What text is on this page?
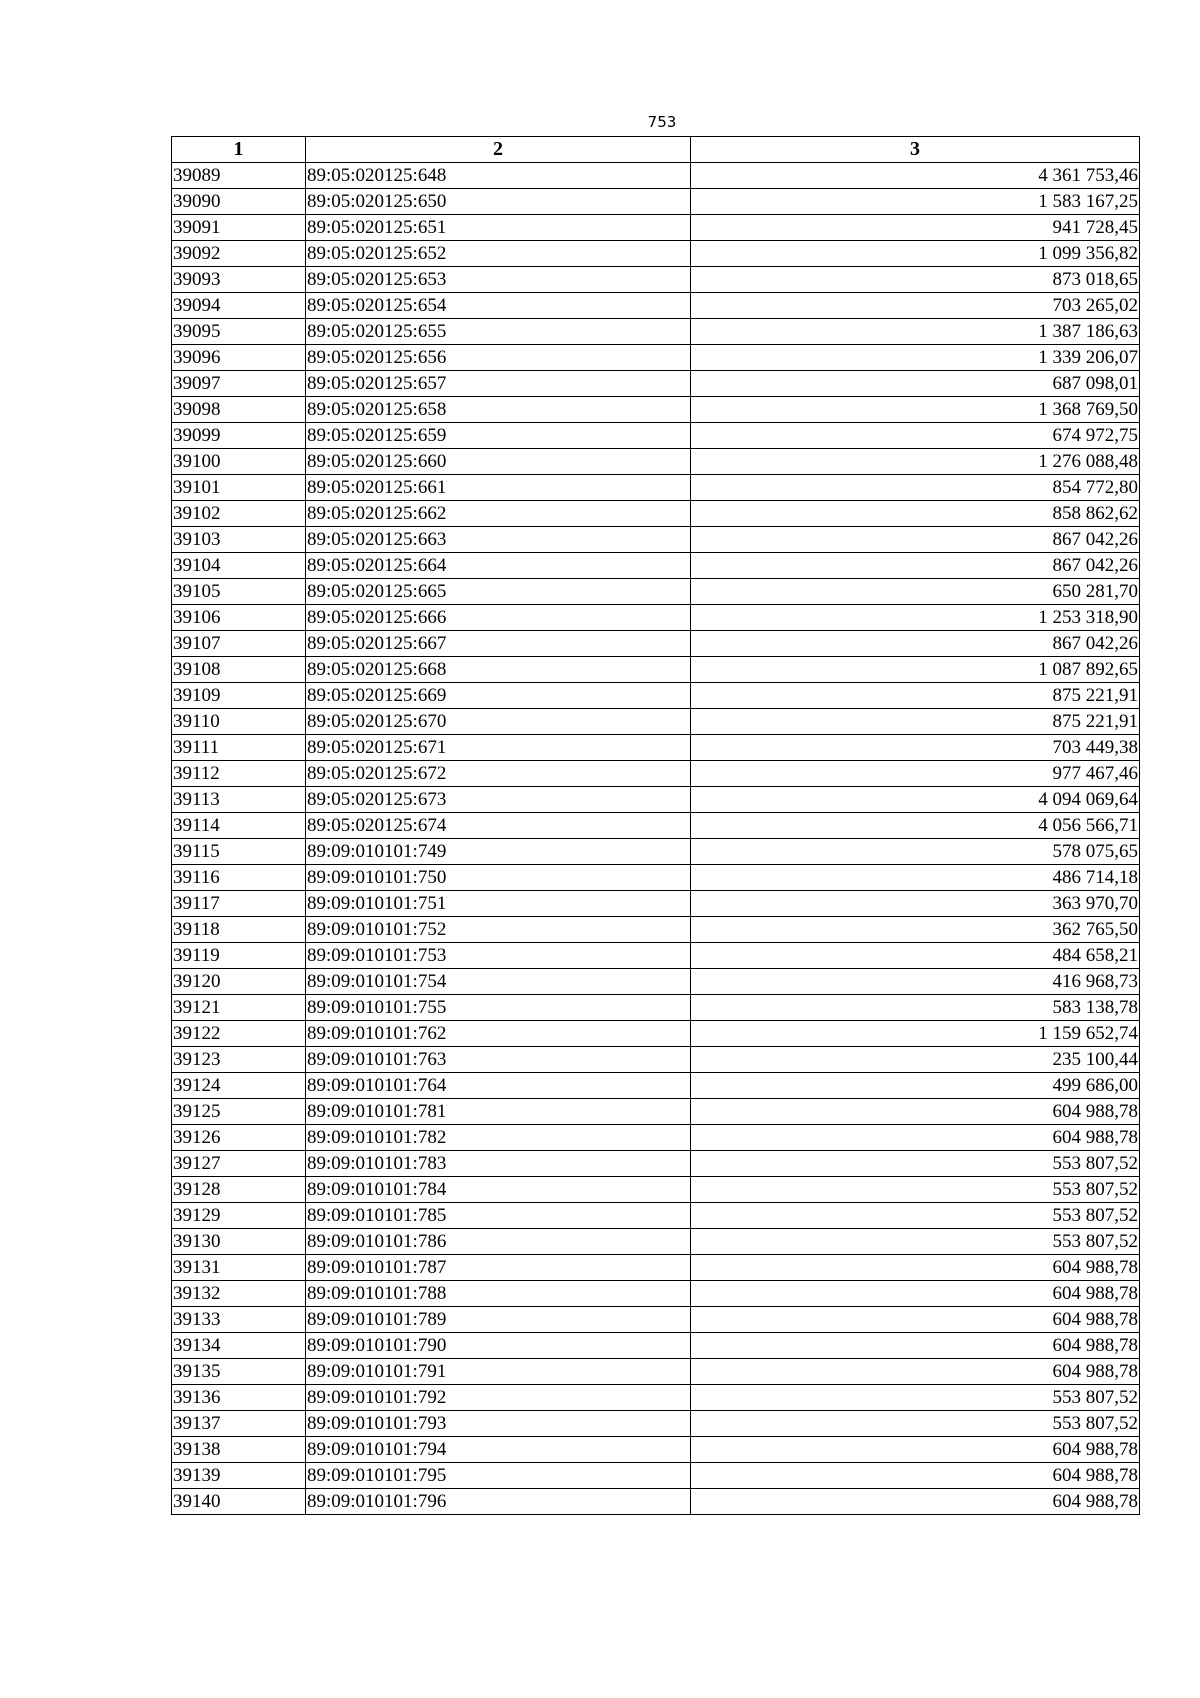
753
1	2	3
39089	89:05:020125:648	4 361 753,46
39090	89:05:020125:650	1 583 167,25
39091	89:05:020125:651	941 728,45
39092	89:05:020125:652	1 099 356,82
39093	89:05:020125:653	873 018,65
39094	89:05:020125:654	703 265,02
39095	89:05:020125:655	1 387 186,63
39096	89:05:020125:656	1 339 206,07
39097	89:05:020125:657	687 098,01
39098	89:05:020125:658	1 368 769,50
39099	89:05:020125:659	674 972,75
39100	89:05:020125:660	1 276 088,48
39101	89:05:020125:661	854 772,80
39102	89:05:020125:662	858 862,62
39103	89:05:020125:663	867 042,26
39104	89:05:020125:664	867 042,26
39105	89:05:020125:665	650 281,70
39106	89:05:020125:666	1 253 318,90
39107	89:05:020125:667	867 042,26
39108	89:05:020125:668	1 087 892,65
39109	89:05:020125:669	875 221,91
39110	89:05:020125:670	875 221,91
39111	89:05:020125:671	703 449,38
39112	89:05:020125:672	977 467,46
39113	89:05:020125:673	4 094 069,64
39114	89:05:020125:674	4 056 566,71
39115	89:09:010101:749	578 075,65
39116	89:09:010101:750	486 714,18
39117	89:09:010101:751	363 970,70
39118	89:09:010101:752	362 765,50
39119	89:09:010101:753	484 658,21
39120	89:09:010101:754	416 968,73
39121	89:09:010101:755	583 138,78
39122	89:09:010101:762	1 159 652,74
39123	89:09:010101:763	235 100,44
39124	89:09:010101:764	499 686,00
39125	89:09:010101:781	604 988,78
39126	89:09:010101:782	604 988,78
39127	89:09:010101:783	553 807,52
39128	89:09:010101:784	553 807,52
39129	89:09:010101:785	553 807,52
39130	89:09:010101:786	553 807,52
39131	89:09:010101:787	604 988,78
39132	89:09:010101:788	604 988,78
39133	89:09:010101:789	604 988,78
39134	89:09:010101:790	604 988,78
39135	89:09:010101:791	604 988,78
39136	89:09:010101:792	553 807,52
39137	89:09:010101:793	553 807,52
39138	89:09:010101:794	604 988,78
39139	89:09:010101:795	604 988,78
39140	89:09:010101:796	604 988,78
